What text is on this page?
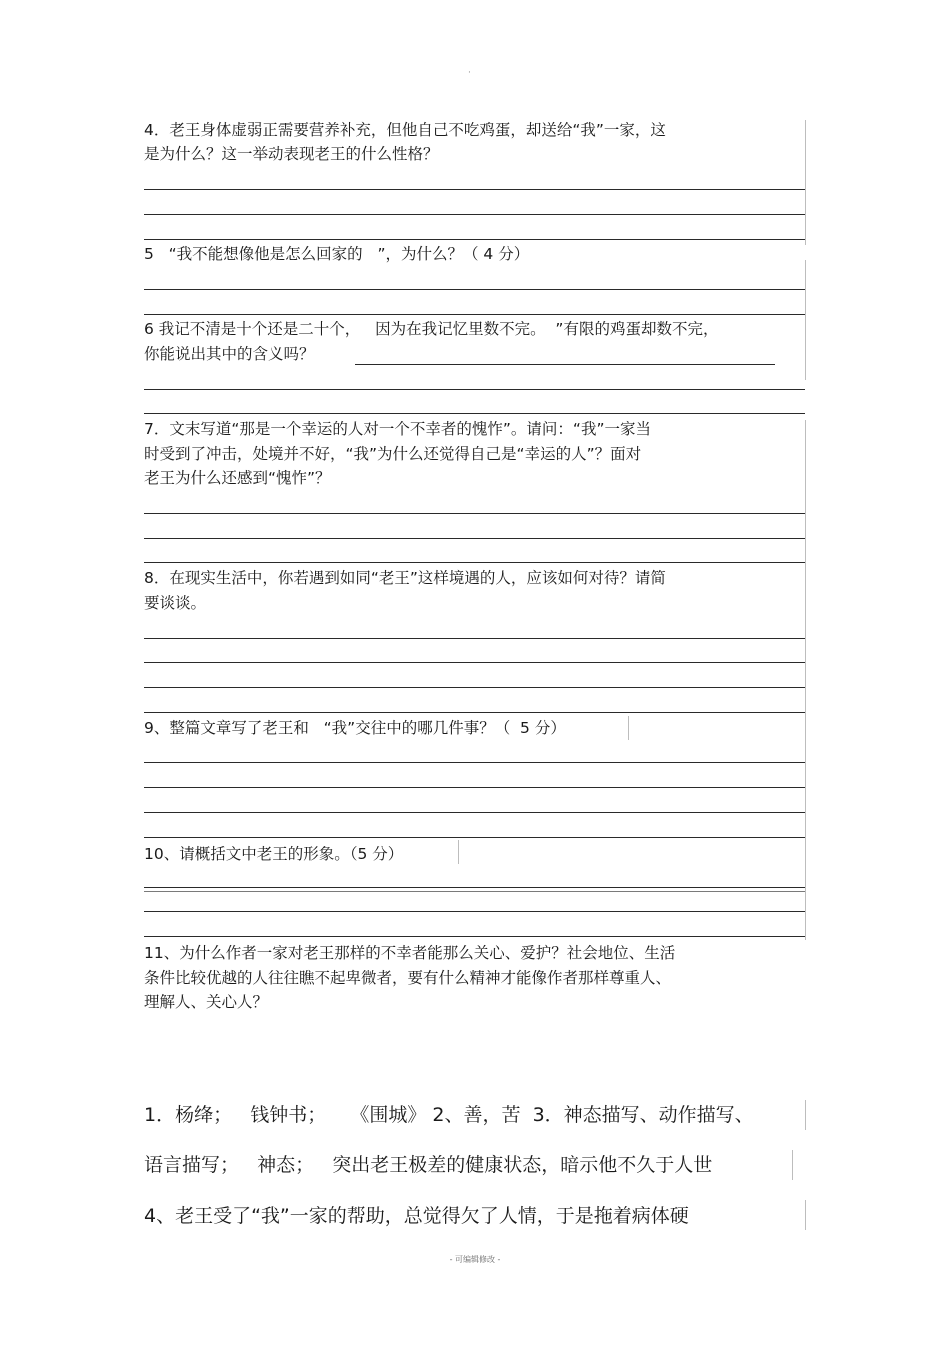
·
4．老王身体虚弱正需要营养补充，但他自己不吃鸡蛋，却送给“我”一家，这
是为什么？这一举动表现老王的什么性格？
5   “我不能想像他是怎么回家的   ”，为什么？（ 4 分）
6 我记不清是十个还是二十个，   因为在我记忆里数不完。  ”有限的鸡蛋却数不完，
你能说出其中的含义吗？
7．文末写道“那是一个幸运的人对一个不幸者的愧怍”。请问：“我”一家当
时受到了冲击，处境并不好，“我”为什么还觉得自己是“幸运的人”？面对
老王为什么还感到“愧怍”？
8．在现实生活中，你若遇到如同“老王”这样境遇的人，应该如何对待？请简
要谈谈。
9、整篇文章写了老王和   “我”交往中的哪几件事？（  5 分）
10、请概括文中老王的形象。（5 分）
11、为什么作者一家对老王那样的不幸者能那么关心、爱护？社会地位、生活
条件比较优越的人往往瞧不起卑微者，要有什么精神才能像作者那样尊重人、
理解人、关心人？
1．杨绛；   钱钟书；    《围城》 2、善，苦  3．神态描写、动作描写、
语言描写；   神态；   突出老王极差的健康状态，暗示他不久于人世
4、老王受了“我”一家的帮助，总觉得欠了人情，于是拖着病体硬
- 可编辑修改 -
